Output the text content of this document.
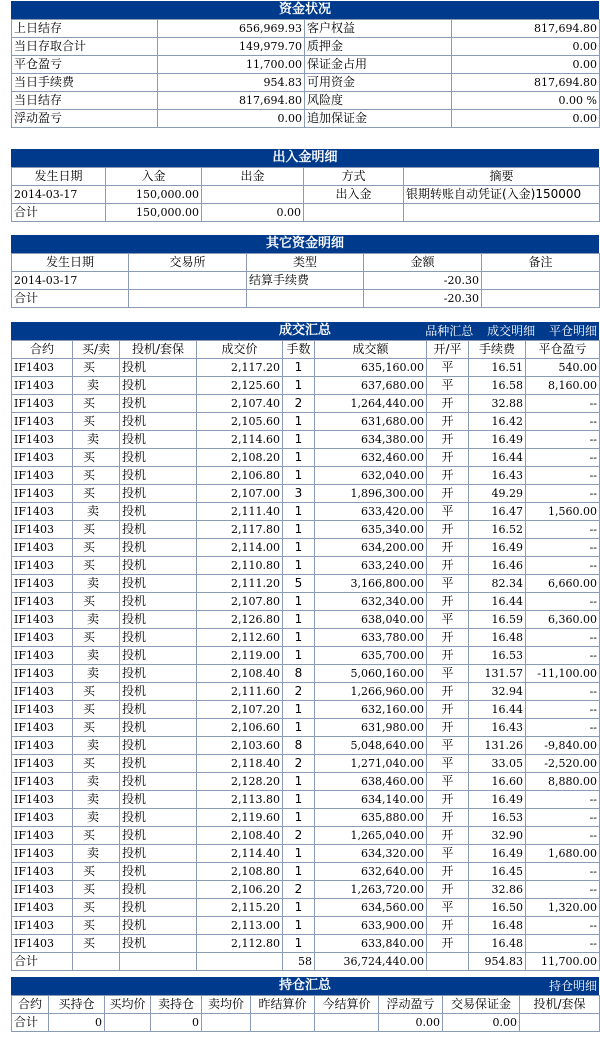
资金状况
上日结存	656,969.93	客户权益	817,694.80
当日存取合计	149,979.70	质押金	0.00
平仓盈亏	11,700.00	保证金占用	0.00
当日手续费	954.83	可用资金	817,694.80
当日结存	817,694.80	风险度	0.00 %
浮动盈亏	0.00	追加保证金	0.00
出入金明细
发生日期	入金	出金	方式	摘要
2014-03-17	150,000.00		出入金	银期转账自动凭证(入金)150000
合计	150,000.00	0.00		
其它资金明细
发生日期	交易所	类型	金额	备注
2014-03-17		结算手续费	-20.30	
合计			-20.30	
成交汇总	品种汇总 成交明细 平仓明细
合约	买/卖	投机/套保	成交价	手数	成交额	开/平	手续费	平仓盈亏
IF1403	买	投机	2,117.20	1	635,160.00	平	16.51	540.00
IF1403	卖	投机	2,125.60	1	637,680.00	平	16.58	8,160.00
IF1403	买	投机	2,107.40	2	1,264,440.00	开	32.88	--
IF1403	买	投机	2,105.60	1	631,680.00	开	16.42	--
IF1403	卖	投机	2,114.60	1	634,380.00	开	16.49	--
IF1403	买	投机	2,108.20	1	632,460.00	开	16.44	--
IF1403	买	投机	2,106.80	1	632,040.00	开	16.43	--
IF1403	买	投机	2,107.00	3	1,896,300.00	开	49.29	--
IF1403	卖	投机	2,111.40	1	633,420.00	平	16.47	1,560.00
IF1403	买	投机	2,117.80	1	635,340.00	开	16.52	--
IF1403	买	投机	2,114.00	1	634,200.00	开	16.49	--
IF1403	买	投机	2,110.80	1	633,240.00	开	16.46	--
IF1403	卖	投机	2,111.20	5	3,166,800.00	平	82.34	6,660.00
IF1403	买	投机	2,107.80	1	632,340.00	开	16.44	--
IF1403	卖	投机	2,126.80	1	638,040.00	平	16.59	6,360.00
IF1403	买	投机	2,112.60	1	633,780.00	开	16.48	--
IF1403	卖	投机	2,119.00	1	635,700.00	开	16.53	--
IF1403	卖	投机	2,108.40	8	5,060,160.00	平	131.57	-11,100.00
IF1403	买	投机	2,111.60	2	1,266,960.00	开	32.94	--
IF1403	买	投机	2,107.20	1	632,160.00	开	16.44	--
IF1403	买	投机	2,106.60	1	631,980.00	开	16.43	--
IF1403	卖	投机	2,103.60	8	5,048,640.00	平	131.26	-9,840.00
IF1403	买	投机	2,118.40	2	1,271,040.00	平	33.05	-2,520.00
IF1403	卖	投机	2,128.20	1	638,460.00	平	16.60	8,880.00
IF1403	卖	投机	2,113.80	1	634,140.00	开	16.49	--
IF1403	卖	投机	2,119.60	1	635,880.00	开	16.53	--
IF1403	买	投机	2,108.40	2	1,265,040.00	开	32.90	--
IF1403	卖	投机	2,114.40	1	634,320.00	平	16.49	1,680.00
IF1403	买	投机	2,108.80	1	632,640.00	开	16.45	--
IF1403	买	投机	2,106.20	2	1,263,720.00	开	32.86	--
IF1403	买	投机	2,115.20	1	634,560.00	平	16.50	1,320.00
IF1403	买	投机	2,113.00	1	633,900.00	开	16.48	--
IF1403	买	投机	2,112.80	1	633,840.00	开	16.48	--
合计				58	36,724,440.00		954.83	11,700.00
持仓汇总	持仓明细
合约	买持仓	买均价	卖持仓	卖均价	昨结算价	今结算价	浮动盈亏	交易保证金	投机/套保
合计	0		0				0.00	0.00	
